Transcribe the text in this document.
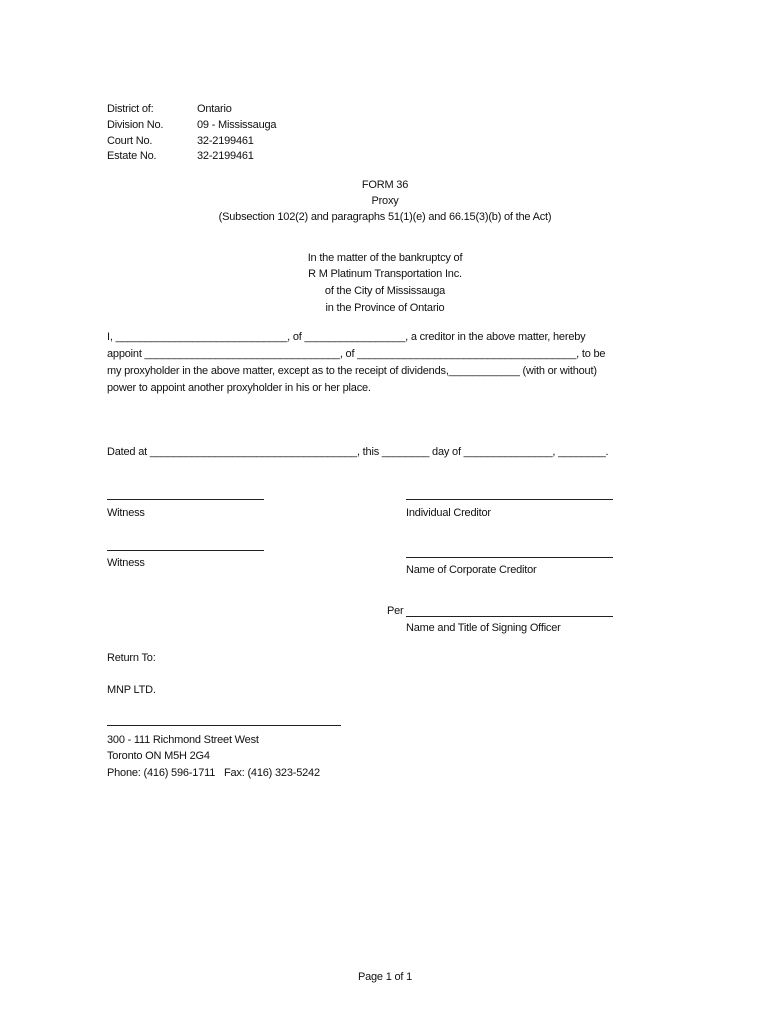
District of:	Ontario
Division No.	09 - Mississauga
Court No.	32-2199461
Estate No.	32-2199461
FORM 36
Proxy
(Subsection 102(2) and paragraphs 51(1)(e) and 66.15(3)(b) of the Act)
In the matter of the bankruptcy of
R M Platinum Transportation Inc.
of the City of Mississauga
in the Province of Ontario
I, _____________________________, of _________________, a creditor in the above matter, hereby
appoint _________________________________, of _____________________________________, to be
my proxyholder in the above matter, except as to the receipt of dividends,____________ (with or without)
power to appoint another proxyholder in his or her place.
Dated at ___________________________________, this ________ day of _______________, ________.
Witness	Individual Creditor
Witness
Name of Corporate Creditor
Per
Name and Title of Signing Officer
Return To:
MNP LTD.
300 - 111 Richmond Street West
Toronto ON M5H 2G4
Phone: (416) 596-1711 Fax: (416) 323-5242
Page 1 of 1
